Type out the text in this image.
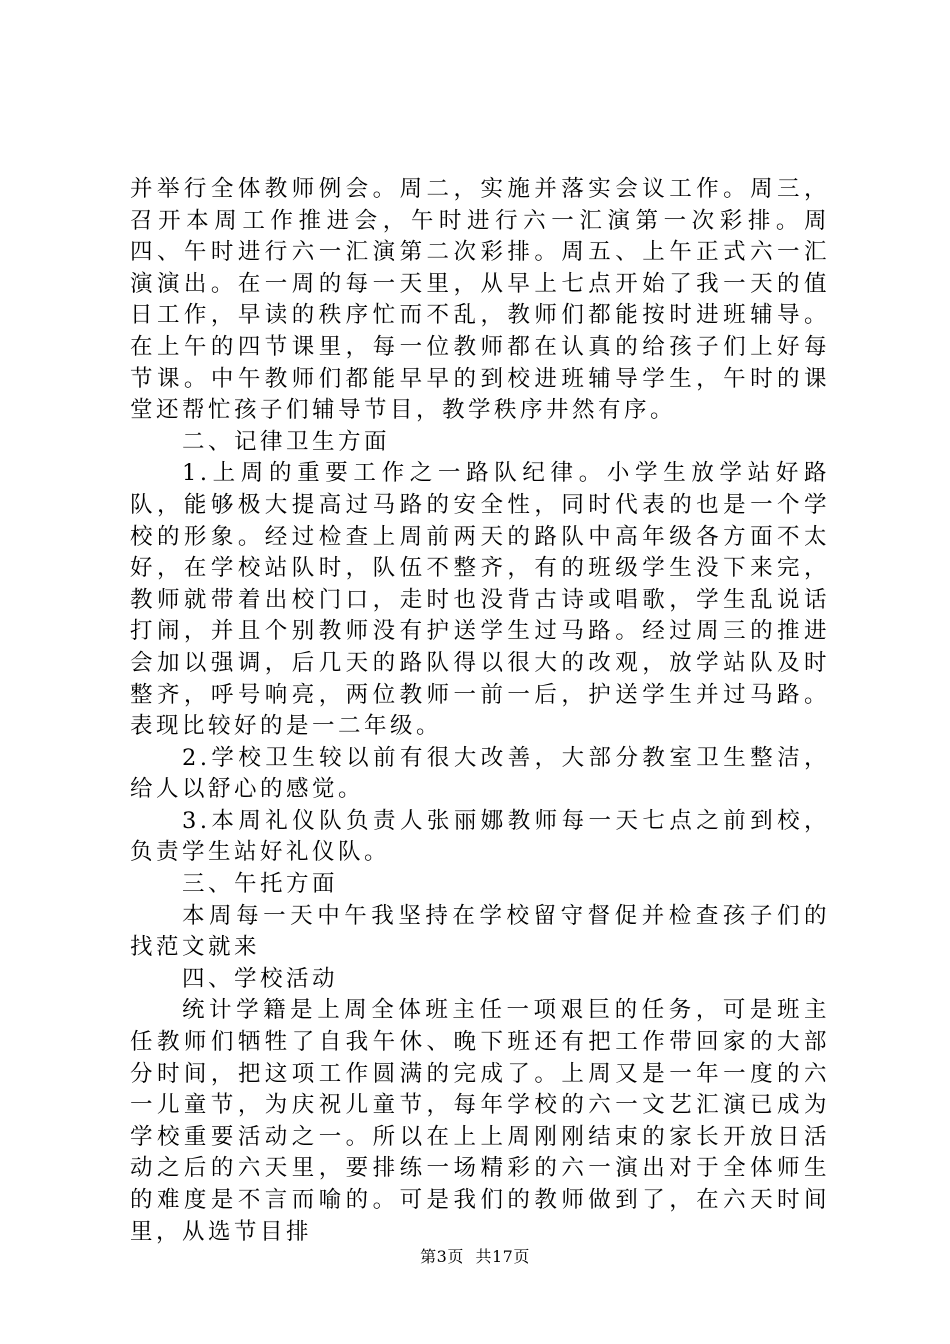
并举行全体教师例会。周二，实施并落实会议工作。周三，召开本周工作推进会，午时进行六一汇演第一次彩排。周四、午时进行六一汇演第二次彩排。周五、上午正式六一汇演演出。在一周的每一天里，从早上七点开始了我一天的值日工作，早读的秩序忙而不乱，教师们都能按时进班辅导。在上午的四节课里，每一位教师都在认真的给孩子们上好每节课。中午教师们都能早早的到校进班辅导学生，午时的课堂还帮忙孩子们辅导节目，教学秩序井然有序。

二、记律卫生方面

1.上周的重要工作之一路队纪律。小学生放学站好路队，能够极大提高过马路的安全性，同时代表的也是一个学校的形象。经过检查上周前两天的路队中高年级各方面不太好，在学校站队时，队伍不整齐，有的班级学生没下来完，教师就带着出校门口，走时也没背古诗或唱歌，学生乱说话打闹，并且个别教师没有护送学生过马路。经过周三的推进会加以强调，后几天的路队得以很大的改观，放学站队及时整齐，呼号响亮，两位教师一前一后，护送学生并过马路。表现比较好的是一二年级。

2.学校卫生较以前有很大改善，大部分教室卫生整洁，给人以舒心的感觉。

3.本周礼仪队负责人张丽娜教师每一天七点之前到校，负责学生站好礼仪队。

三、午托方面

本周每一天中午我坚持在学校留守督促并检查孩子们的找范文就来

四、学校活动

统计学籍是上周全体班主任一项艰巨的任务，可是班主任教师们牺牲了自我午休、晚下班还有把工作带回家的大部分时间，把这项工作圆满的完成了。上周又是一年一度的六一儿童节，为庆祝儿童节，每年学校的六一文艺汇演已成为学校重要活动之一。所以在上上周刚刚结束的家长开放日活动之后的六天里，要排练一场精彩的六一演出对于全体师生的难度是不言而喻的。可是我们的教师做到了，在六天时间里，从选节目排

第3页 共17页
